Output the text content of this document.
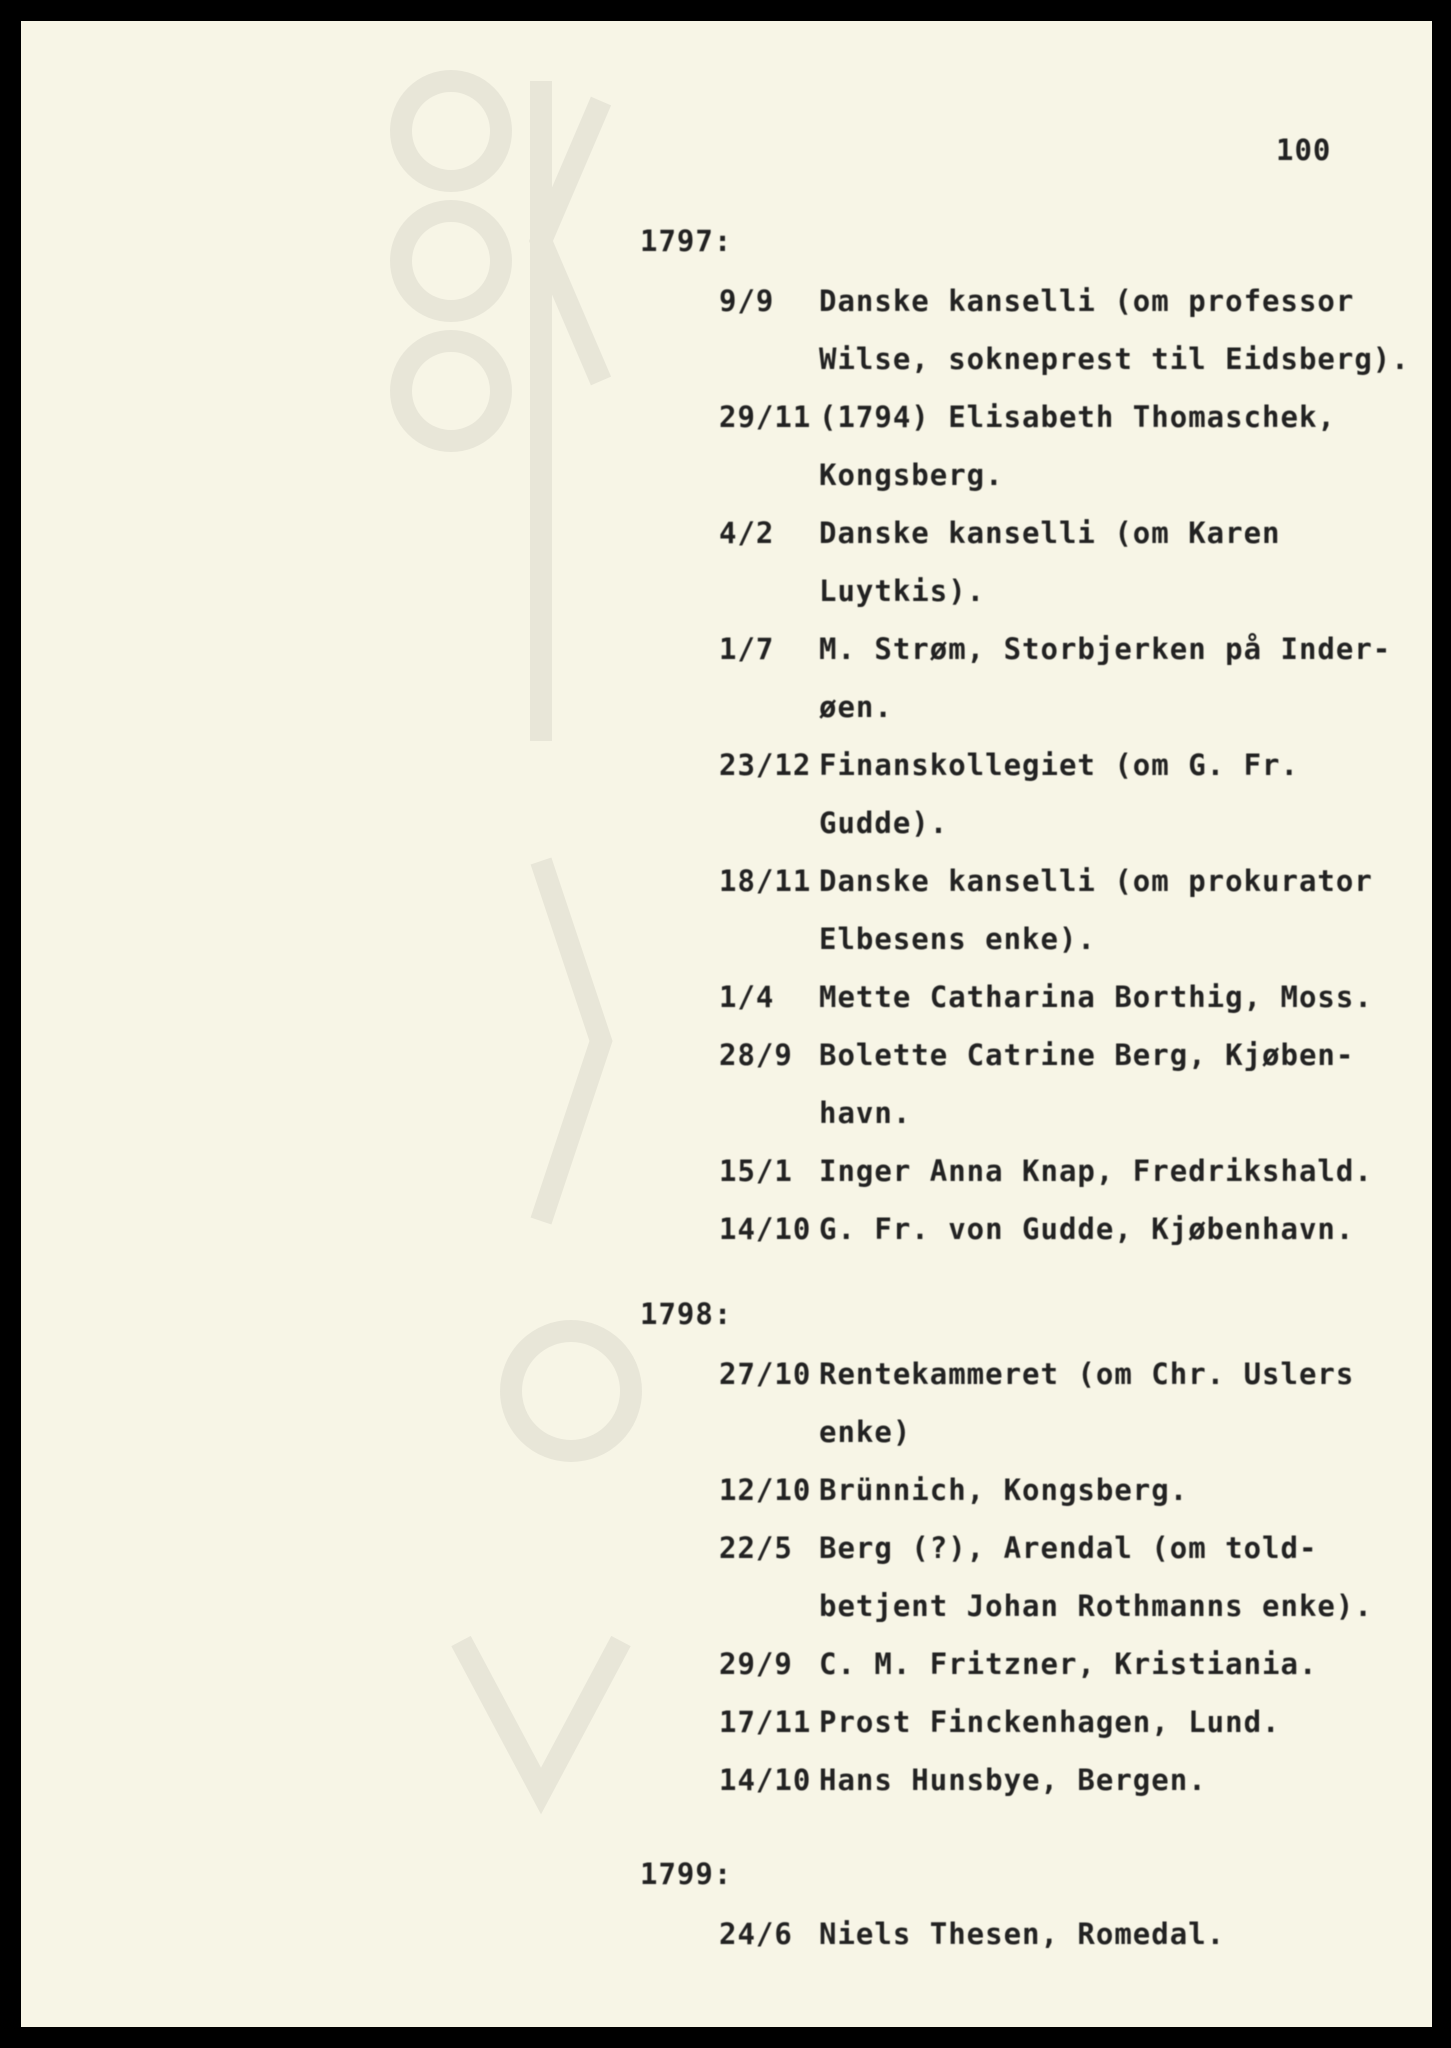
100
1797:
9/9 Danske kanselli (om professor
Wilse, sokneprest til Eidsberg).
29/11 (1794) Elisabeth Thomaschek,
Kongsberg.
4/2 Danske kanselli (om Karen
Luytkis).
1/7 M. Strøm, Storbjerken på Inder-
øen.
23/12 Finanskollegiet (om G. Fr.
Gudde).
18/11 Danske kanselli (om prokurator
Elbesens enke).
1/4 Mette Catharina Borthig, Moss.
28/9 Bolette Catrine Berg, Kjøben-
havn.
15/1 Inger Anna Knap, Fredrikshald.
14/10 G. Fr. von Gudde, Kjøbenhavn.
1798:
27/10 Rentekammeret (om Chr. Uslers
enke)
12/10 Brünnich, Kongsberg.
22/5 Berg (?), Arendal (om told-
betjent Johan Rothmanns enke).
29/9 C. M. Fritzner, Kristiania.
17/11 Prost Finckenhagen, Lund.
14/10 Hans Hunsbye, Bergen.
1799:
24/6 Niels Thesen, Romedal.
